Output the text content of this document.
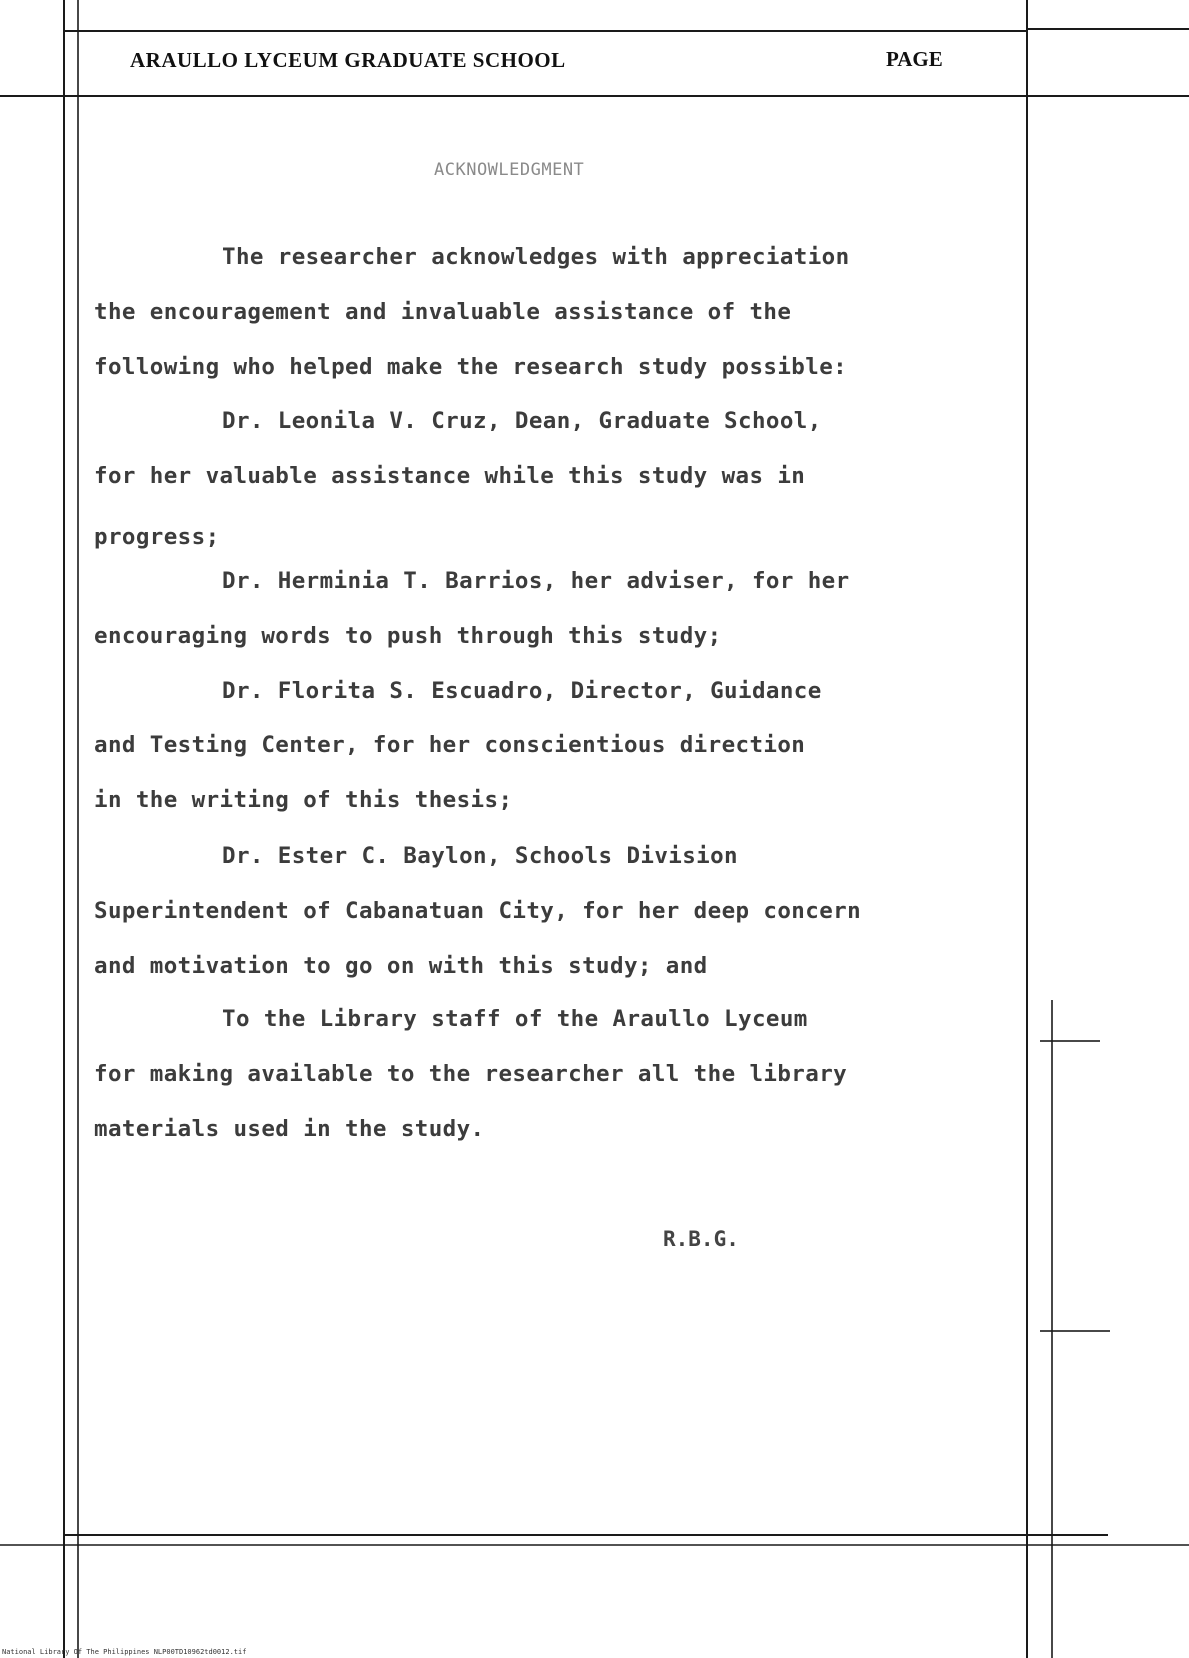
ARAULLO LYCEUM GRADUATE SCHOOL	PAGE
ACKNOWLEDGMENT
The researcher acknowledges with appreciation
the encouragement and invaluable assistance of the
following who helped make the research study possible:
Dr. Leonila V. Cruz, Dean, Graduate School,
for her valuable assistance while this study was in
progress;
Dr. Herminia T. Barrios, her adviser, for her
encouraging words to push through this study;
Dr. Florita S. Escuadro, Director, Guidance
and Testing Center, for her conscientious direction
in the writing of this thesis;
Dr. Ester C. Baylon, Schools Division
Superintendent of Cabanatuan City, for her deep concern
and motivation to go on with this study; and
To the Library staff of the Araullo Lyceum
for making available to the researcher all the library
materials used in the study.
R.B.G.
National Library Of The Philippines NLP00TD10962td0012.tif
